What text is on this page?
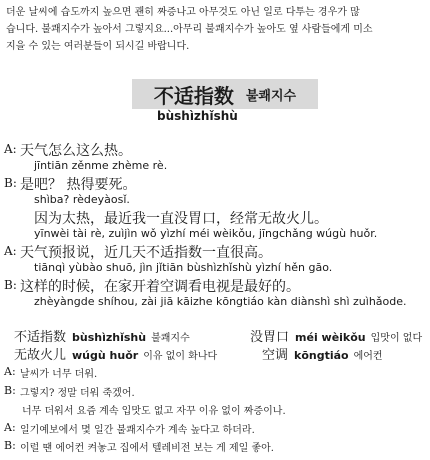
더운 날씨에 습도까지 높으면 괜히 짜증나고 아무것도 아닌 일로 다투는 경우가 많
습니다. 불쾌지수가 높아서 그렇지요...아무리 불쾌지수가 높아도 옆 사람들에게 미소
지을 수 있는 여러분들이 되시길 바랍니다.
不适指数 불쾌지수
bùshìzhǐshù
A: 天气怎么这么热。
jīntiān zěnme zhème rè.
B: 是吧？ 热得要死。
shìba? rèdeyàosǐ.
因为太热，最近我一直没胃口，经常无故火儿。
yīnwèi tài rè, zuìjìn wǒ yìzhí méi wèikǒu, jīngchǎng wúgù huǒr.
A: 天气预报说，近几天不适指数一直很高。
tiānqì yùbào shuō, jìn jǐtiān bùshìzhǐshù yìzhí hěn gāo.
B: 这样的时候，在家开着空调看电视是最好的。
zhèyàngde shíhou, zài jiā kāizhe kōngtiáo kàn diànshì shì zuìhǎode.
不适指数 bùshìzhǐshù 불쾌지수	没胃口 méi wèikǒu 입맛이 없다
无故火儿 wúgù huǒr 이유 없이 화나다	空调 kōngtiáo 에어컨
A: 날씨가 너무 더워.
B: 그렇지? 정말 더워 죽겠어.
너무 더워서 요즘 계속 입맛도 없고 자꾸 이유 없이 짜증이나.
A: 일기예보에서 몇 일간 불쾌지수가 계속 높다고 하더라.
B: 이럴 땐 에어컨 켜놓고 집에서 텔레비전 보는 게 제일 좋아.
